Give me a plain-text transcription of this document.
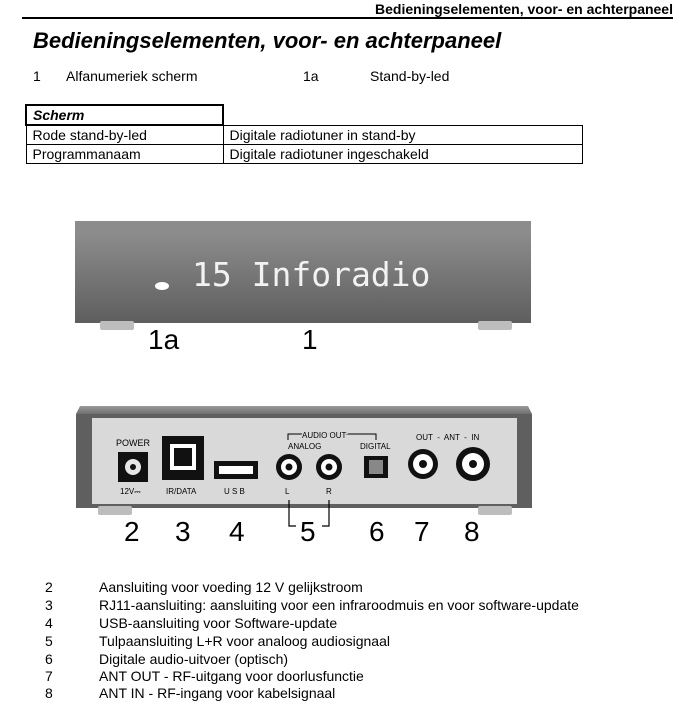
Bedieningselementen, voor- en achterpaneel
Bedieningselementen, voor- en achterpaneel
1 Alfanumeriek scherm	1a	Stand-by-led
Scherm	
Rode stand-by-led	Digitale radiotuner in stand-by
Programmanaam	Digitale radiotuner ingeschakeld
15 Inforadio
1a	1
POWER
12V⎓	IR/DATA	U S B
AUDIO OUT
ANALOG
L	R
DIGITAL
OUT  -  ANT  -  IN
2 3 4 5 6 7 8
2	Aansluiting voor voeding 12 V gelijkstroom
3	RJ11-aansluiting: aansluiting voor een infraroodmuis en voor software-update
4	USB-aansluiting voor Software-update
5	Tulpaansluiting L+R voor analoog audiosignaal
6	Digitale audio-uitvoer (optisch)
7	ANT OUT - RF-uitgang voor doorlusfunctie
8	ANT IN - RF-ingang voor kabelsignaal
